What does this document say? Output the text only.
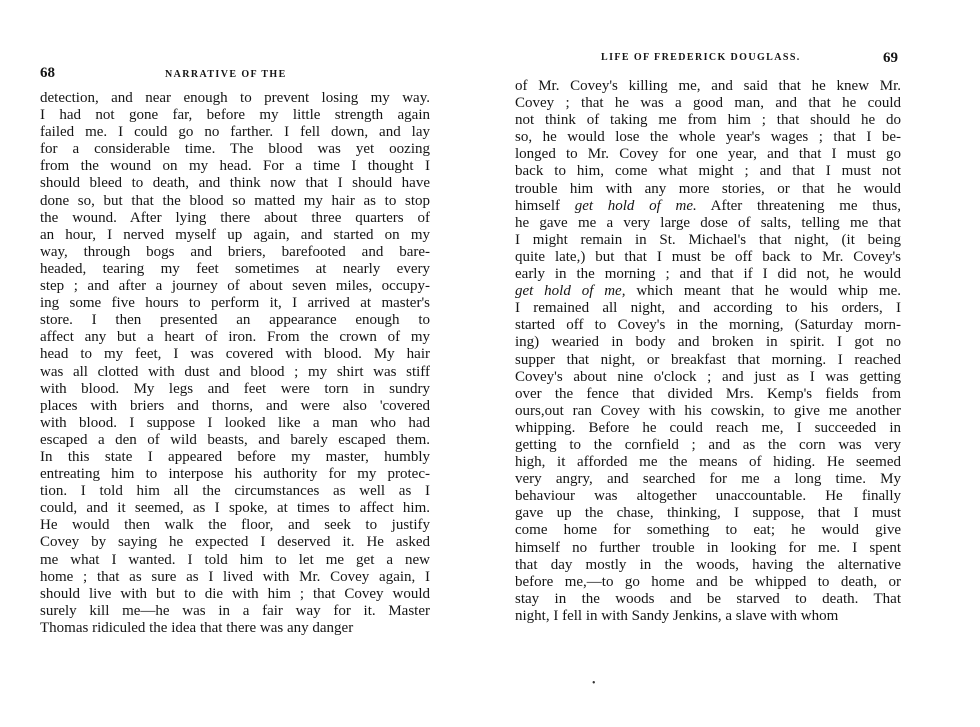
68	NARRATIVE OF THE
detection, and near enough to prevent losing my way.
I had not gone far, before my little strength again
failed me. I could go no farther. I fell down, and lay
for a considerable time. The blood was yet oozing
from the wound on my head. For a time I thought I
should bleed to death, and think now that I should have
done so, but that the blood so matted my hair as to stop
the wound. After lying there about three quarters of
an hour, I nerved myself up again, and started on my
way, through bogs and briers, barefooted and bare-
headed, tearing my feet sometimes at nearly every
step ; and after a journey of about seven miles, occupy-
ing some five hours to perform it, I arrived at master's
store. I then presented an appearance enough to
affect any but a heart of iron. From the crown of my
head to my feet, I was covered with blood. My hair
was all clotted with dust and blood ; my shirt was stiff
with blood. My legs and feet were torn in sundry
places with briers and thorns, and were also 'covered
with blood. I suppose I looked like a man who had
escaped a den of wild beasts, and barely escaped them.
In this state I appeared before my master, humbly
entreating him to interpose his authority for my protec-
tion. I told him all the circumstances as well as I
could, and it seemed, as I spoke, at times to affect him.
He would then walk the floor, and seek to justify
Covey by saying he expected I deserved it. He asked
me what I wanted. I told him to let me get a new
home ; that as sure as I lived with Mr. Covey again, I
should live with but to die with him ; that Covey would
surely kill me—he was in a fair way for it. Master
Thomas ridiculed the idea that there was any danger
LIFE OF FREDERICK DOUGLASS.	69
of Mr. Covey's killing me, and said that he knew Mr.
Covey ; that he was a good man, and that he could
not think of taking me from him ; that should he do
so, he would lose the whole year's wages ; that I be-
longed to Mr. Covey for one year, and that I must go
back to him, come what might ; and that I must not
trouble him with any more stories, or that he would
himself get hold of me. After threatening me thus,
he gave me a very large dose of salts, telling me that
I might remain in St. Michael's that night, (it being
quite late,) but that I must be off back to Mr. Covey's
early in the morning ; and that if I did not, he would
get hold of me, which meant that he would whip me.
I remained all night, and according to his orders, I
started off to Covey's in the morning, (Saturday morn-
ing) wearied in body and broken in spirit. I got no
supper that night, or breakfast that morning. I reached
Covey's about nine o'clock ; and just as I was getting
over the fence that divided Mrs. Kemp's fields from
ours,out ran Covey with his cowskin, to give me another
whipping. Before he could reach me, I succeeded in
getting to the cornfield ; and as the corn was very
high, it afforded me the means of hiding. He seemed
very angry, and searched for me a long time. My
behaviour was altogether unaccountable. He finally
gave up the chase, thinking, I suppose, that I must
come home for something to eat; he would give
himself no further trouble in looking for me. I spent
that day mostly in the woods, having the alternative
before me,—to go home and be whipped to death, or
stay in the woods and be starved to death. That
night, I fell in with Sandy Jenkins, a slave with whom
•
